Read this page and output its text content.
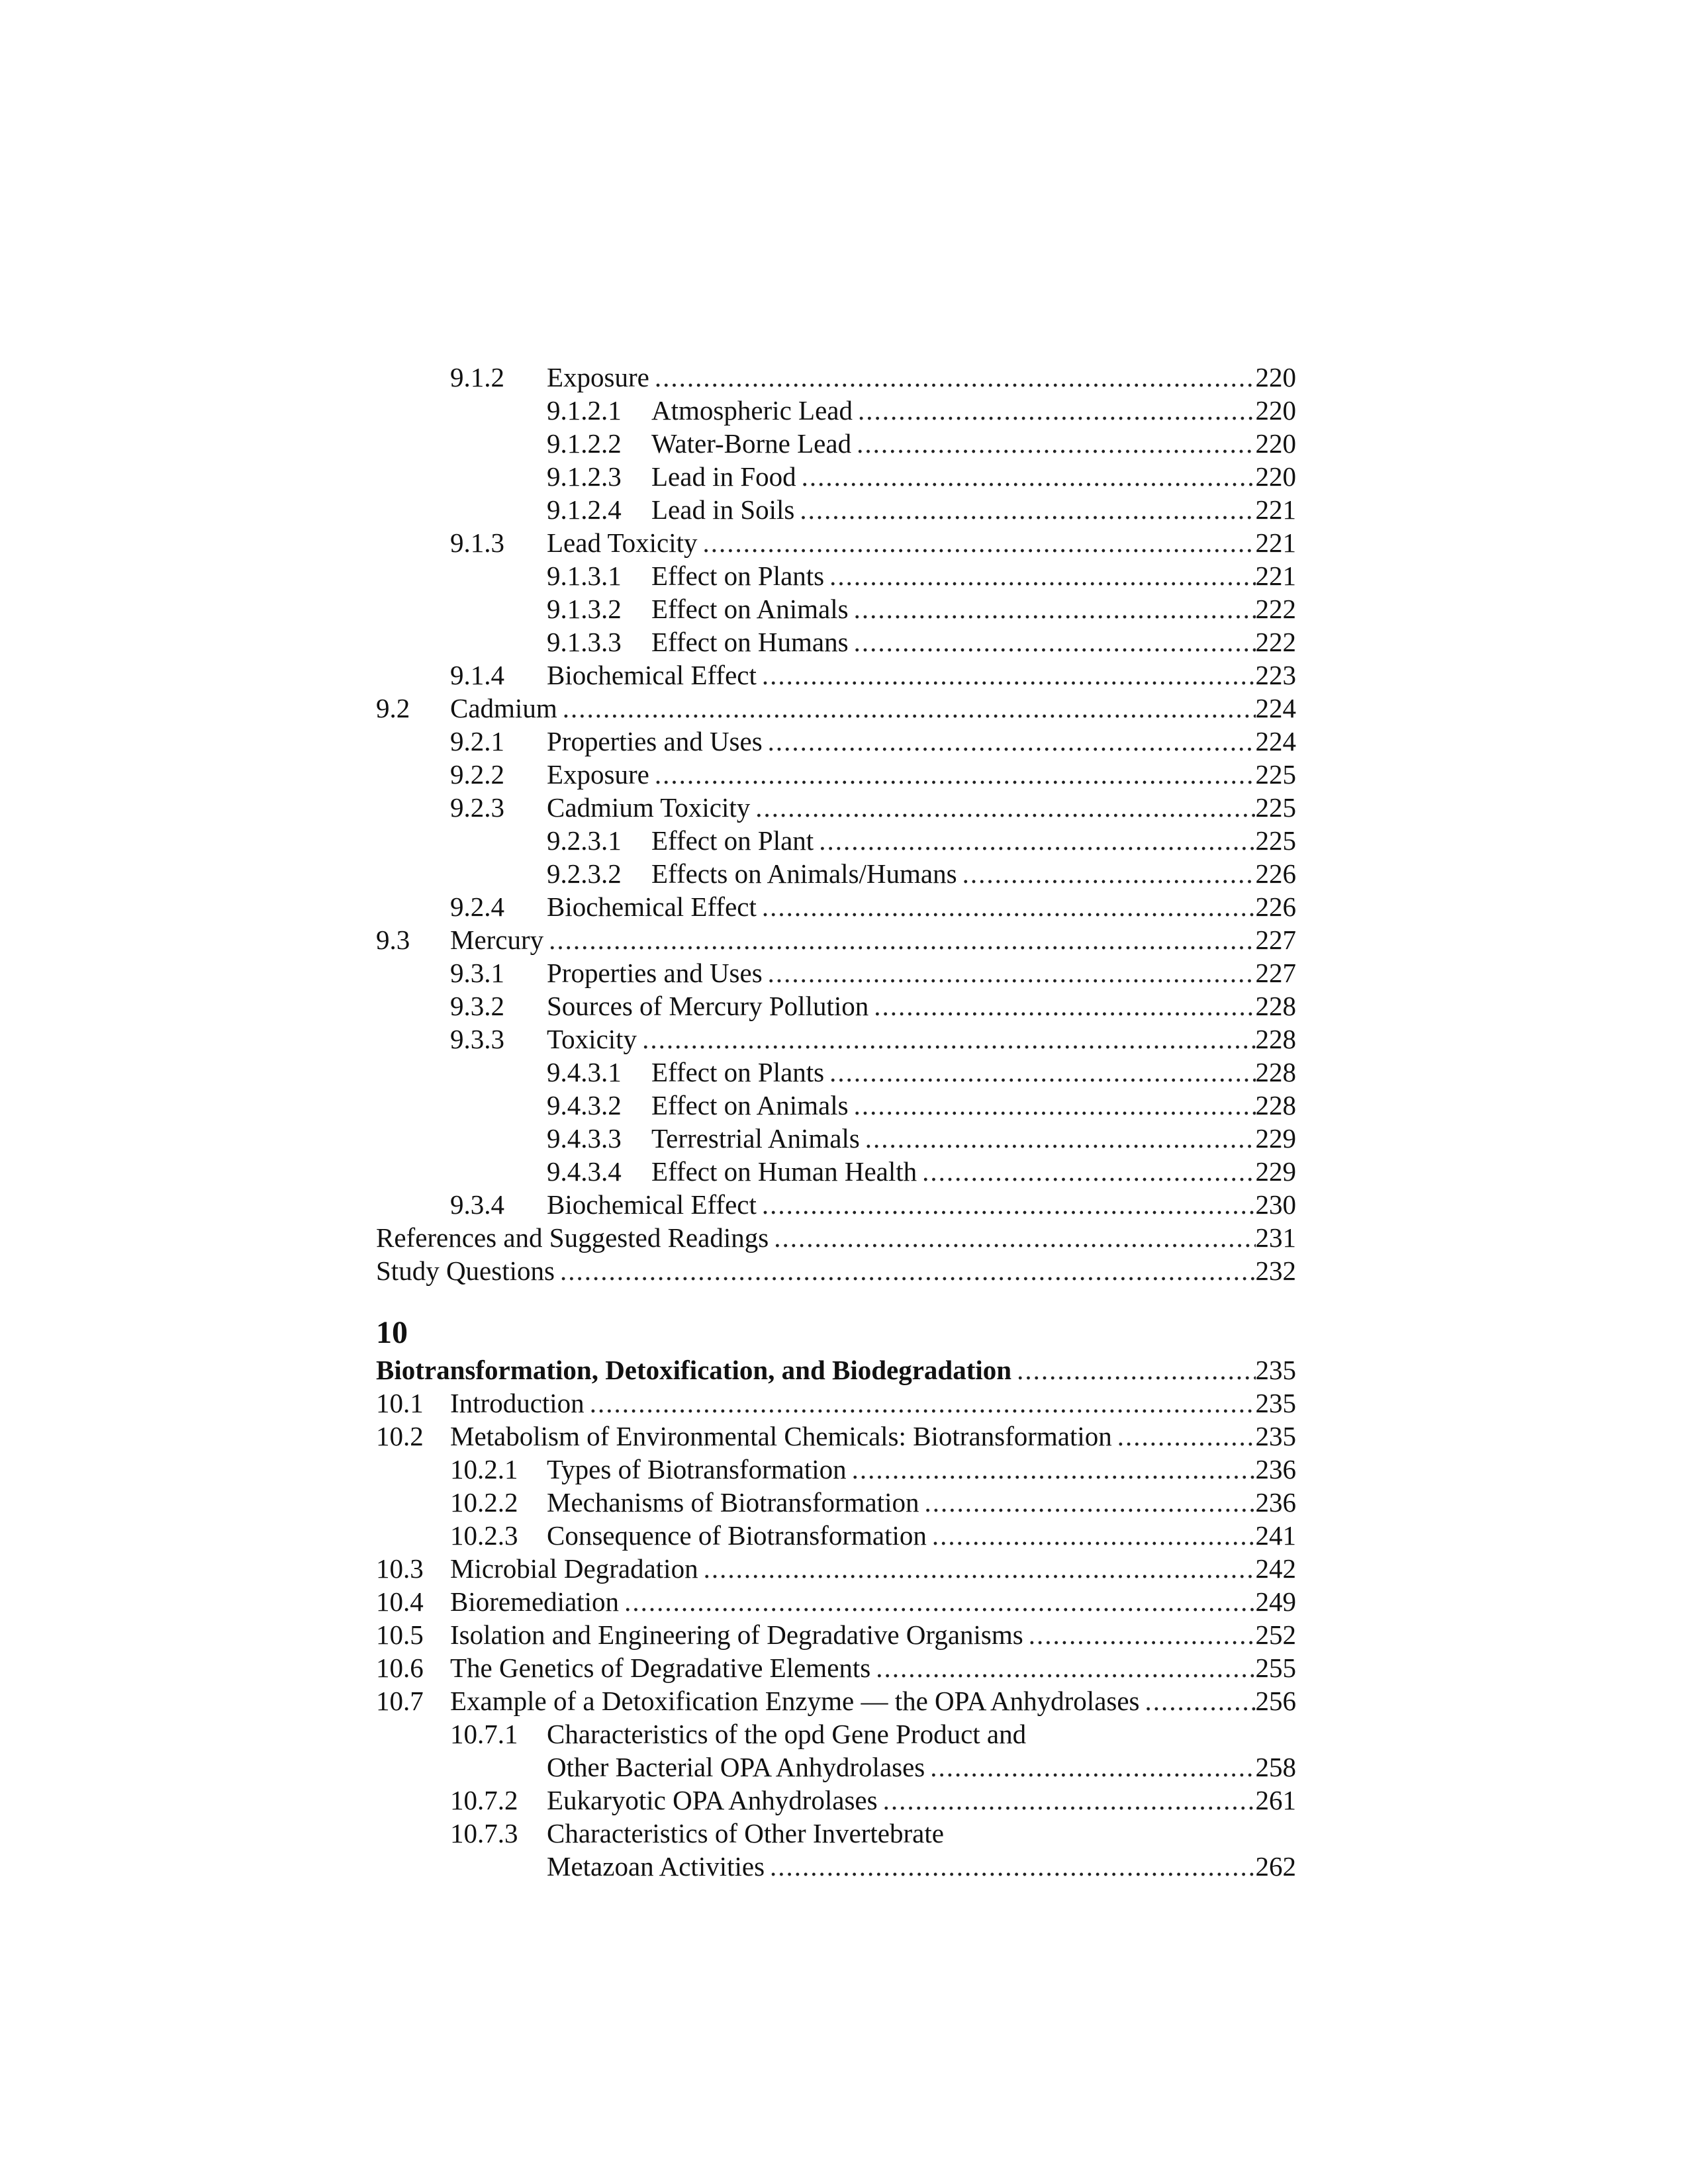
9.1.2 Exposure .....	220
9.1.2.1 Atmospheric Lead .....	220
9.1.2.2 Water-Borne Lead .....	220
9.1.2.3 Lead in Food .....	220
9.1.2.4 Lead in Soils .....	221
9.1.3 Lead Toxicity .....	221
9.1.3.1 Effect on Plants .....	221
9.1.3.2 Effect on Animals .....	222
9.1.3.3 Effect on Humans .....	222
9.1.4 Biochemical Effect .....	223
9.2 Cadmium .....	224
9.2.1 Properties and Uses .....	224
9.2.2 Exposure .....	225
9.2.3 Cadmium Toxicity .....	225
9.2.3.1 Effect on Plant .....	225
9.2.3.2 Effects on Animals/Humans .....	226
9.2.4 Biochemical Effect .....	226
9.3 Mercury .....	227
9.3.1 Properties and Uses .....	227
9.3.2 Sources of Mercury Pollution .....	228
9.3.3 Toxicity .....	228
9.4.3.1 Effect on Plants .....	228
9.4.3.2 Effect on Animals .....	228
9.4.3.3 Terrestrial Animals .....	229
9.4.3.4 Effect on Human Health .....	229
9.3.4 Biochemical Effect .....	230
References and Suggested Readings .....	231
Study Questions .....	232
10
Biotransformation, Detoxification, and Biodegradation .....	235
10.1 Introduction .....	235
10.2 Metabolism of Environmental Chemicals: Biotransformation .....	235
10.2.1 Types of Biotransformation .....	236
10.2.2 Mechanisms of Biotransformation .....	236
10.2.3 Consequence of Biotransformation .....	241
10.3 Microbial Degradation .....	242
10.4 Bioremediation .....	249
10.5 Isolation and Engineering of Degradative Organisms .....	252
10.6 The Genetics of Degradative Elements .....	255
10.7 Example of a Detoxification Enzyme — the OPA Anhydrolases .....	256
10.7.1 Characteristics of the opd Gene Product and
Other Bacterial OPA Anhydrolases .....	258
10.7.2 Eukaryotic OPA Anhydrolases .....	261
10.7.3 Characteristics of Other Invertebrate
Metazoan Activities .....	262
